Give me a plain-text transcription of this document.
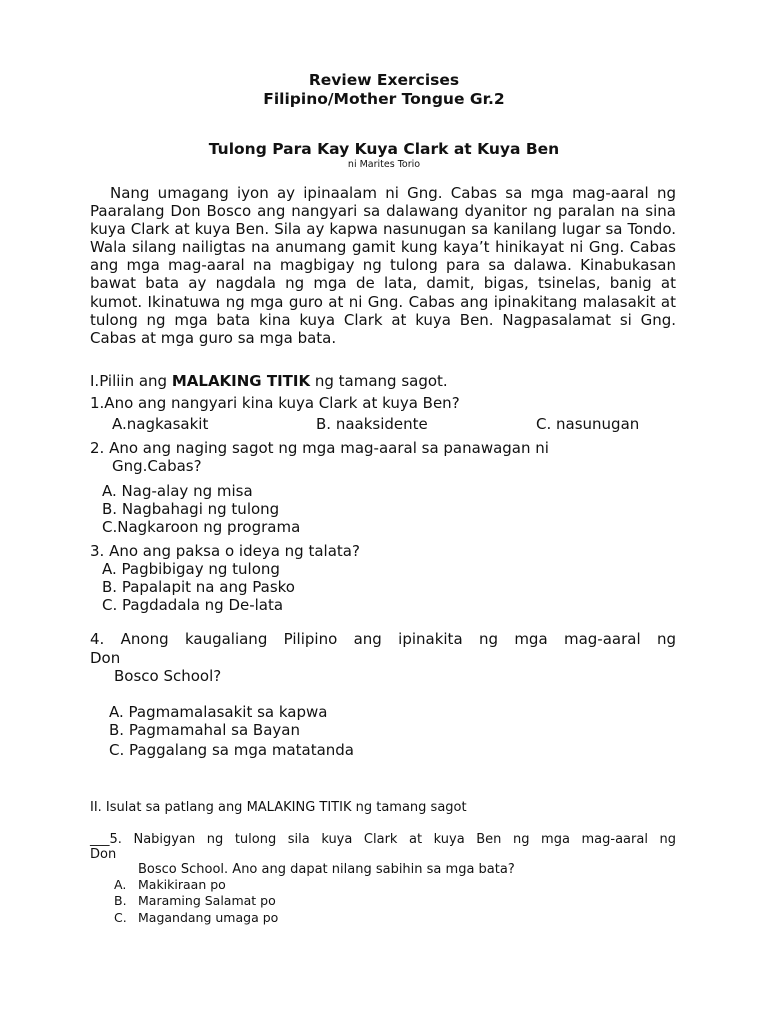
Review Exercises
Filipino/Mother Tongue Gr.2
Tulong Para Kay Kuya Clark at Kuya Ben
ni Marites Torio
Nang umagang iyon ay ipinaalam ni Gng. Cabas sa mga mag-aaral ng Paaralang Don Bosco ang nangyari sa dalawang dyanitor ng paralan na sina kuya Clark at kuya Ben. Sila ay kapwa nasunugan sa kanilang lugar sa Tondo. Wala silang nailigtas na anumang gamit kung kaya’t hinikayat ni Gng. Cabas ang mga mag-aaral na magbigay ng tulong para sa dalawa. Kinabukasan bawat bata ay nagdala ng mga de lata, damit, bigas, tsinelas, banig at kumot. Ikinatuwa ng mga guro at ni Gng. Cabas ang ipinakitang malasakit at tulong ng mga bata kina kuya Clark at kuya Ben. Nagpasalamat si Gng. Cabas at mga guro sa mga bata.
I.Piliin ang MALAKING TITIK ng tamang sagot.
1.Ano ang nangyari kina kuya Clark at kuya Ben?
A.nagkasakit	B. naaksidente	C. nasunugan
2. Ano ang naging sagot ng mga mag-aaral sa panawagan ni
Gng.Cabas?
A. Nag-alay ng misa
B. Nagbahagi ng tulong
C.Nagkaroon ng programa
3. Ano ang paksa o ideya ng talata?
A. Pagbibigay ng tulong
B. Papalapit na ang Pasko
C. Pagdadala ng De-lata
4. Anong kaugaliang Pilipino ang ipinakita ng mga mag-aaral ng
Don
Bosco School?
A. Pagmamalasakit sa kapwa
B. Pagmamahal sa Bayan
C. Paggalang sa mga matatanda
II. Isulat sa patlang ang MALAKING TITIK ng tamang sagot
___5. Nabigyan ng tulong sila kuya Clark at kuya Ben ng mga mag-aaral ng
Don
Bosco School. Ano ang dapat nilang sabihin sa mga bata?
A. Makikiraan po
B. Maraming Salamat po
C. Magandang umaga po
